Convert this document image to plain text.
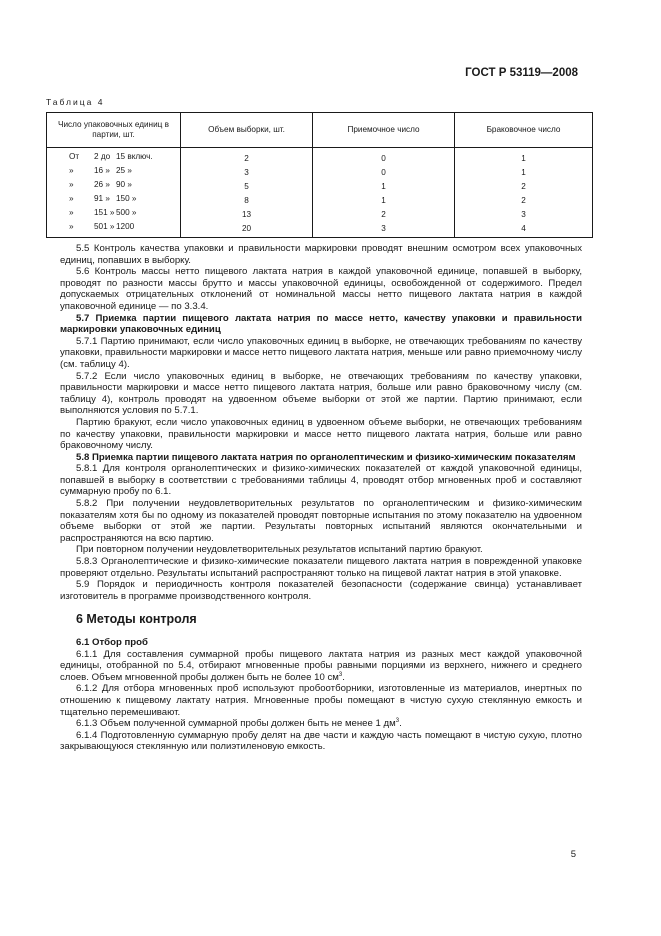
ГОСТ Р 53119—2008
Таблица 4
Число упаковочных единиц в партии, шт.	Объем выборки, шт.	Приемочное число	Браковочное число

От 2 до 15 включ.	2	0	1

» 16 » 25 »	3	0	1

» 26 » 90 »	5	1	2

» 91 » 150 »	8	1	2

» 151 » 500 »	13	2	3

» 501 » 1200	20	3	4

5.5 Контроль качества упаковки и правильности маркировки проводят внешним осмотром всех упаковочных единиц, попавших в выборку.

5.6 Контроль массы нетто пищевого лактата натрия в каждой упаковочной единице, попавшей в выборку, проводят по разности массы брутто и массы упаковочной единицы, освобожденной от содержимого. Предел допускаемых отрицательных отклонений от номинальной массы нетто пищевого лактата натрия в каждой упаковочной единице — по 3.3.4.

5.7 Приемка партии пищевого лактата натрия по массе нетто, качеству упаковки и правильности маркировки упаковочных единиц

5.7.1 Партию принимают, если число упаковочных единиц в выборке, не отвечающих требованиям по качеству упаковки, правильности маркировки и массе нетто пищевого лактата натрия, меньше или равно приемочному числу (см. таблицу 4).

5.7.2 Если число упаковочных единиц в выборке, не отвечающих требованиям по качеству упаковки, правильности маркировки и массе нетто пищевого лактата натрия, больше или равно браковочному числу (см. таблицу 4), контроль проводят на удвоенном объеме выборки от этой же партии. Партию принимают, если выполняются условия по 5.7.1.

Партию бракуют, если число упаковочных единиц в удвоенном объеме выборки, не отвечающих требованиям по качеству упаковки, правильности маркировки и массе нетто пищевого лактата натрия, больше или равно браковочному числу.

5.8 Приемка партии пищевого лактата натрия по органолептическим и физико-химическим показателям

5.8.1 Для контроля органолептических и физико-химических показателей от каждой упаковочной единицы, попавшей в выборку в соответствии с требованиями таблицы 4, проводят отбор мгновенных проб и составляют суммарную пробу по 6.1.

5.8.2 При получении неудовлетворительных результатов по органолептическим и физико-химическим показателям хотя бы по одному из показателей проводят повторные испытания по этому показателю на удвоенном объеме выборки от этой же партии. Результаты повторных испытаний являются окончательными и распространяются на всю партию.

При повторном получении неудовлетворительных результатов испытаний партию бракуют.

5.8.3 Органолептические и физико-химические показатели пищевого лактата натрия в поврежденной упаковке проверяют отдельно. Результаты испытаний распространяют только на пищевой лактат натрия в этой упаковке.

5.9 Порядок и периодичность контроля показателей безопасности (содержание свинца) устанавливает изготовитель в программе производственного контроля.

6 Методы контроля

6.1 Отбор проб

6.1.1 Для составления суммарной пробы пищевого лактата натрия из разных мест каждой упаковочной единицы, отобранной по 5.4, отбирают мгновенные пробы равными порциями из верхнего, нижнего и среднего слоев. Объем мгновенной пробы должен быть не более 10 $см^3$.

6.1.2 Для отбора мгновенных проб используют пробоотборники, изготовленные из материалов, инертных по отношению к пищевому лактату натрия. Мгновенные пробы помещают в чистую сухую стеклянную емкость и тщательно перемешивают.

6.1.3 Объем полученной суммарной пробы должен быть не менее 1 $дм^3$.

6.1.4 Подготовленную суммарную пробу делят на две части и каждую часть помещают в чистую сухую, плотно закрывающуюся стеклянную или полиэтиленовую емкость.

5
